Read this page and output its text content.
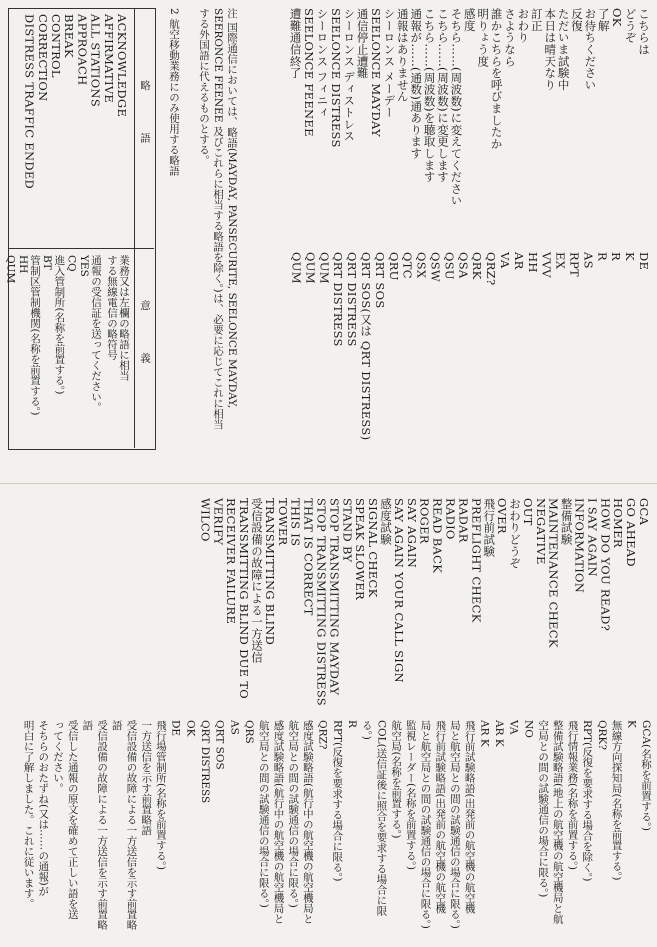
こちらは
どうぞ
OK
了解
お待ちください
反復
ただいま試験中
本日は晴天なり
訂正
おわり
さようなら
誰かこちらを呼びましたか
明りょう度
感度
そちら……(周波数)に変えてください
こちら……(周波数)に変更します
こちら……(周波数)を聴取します
通報が……(通数)通あります
通報はありません
シーロンス メーデー
SEELONCE MAYDAY
通信停止遭難
シーロンス ディストレス
SEELONCE DISTRESS
シーロンス フィニィ
SEELONCE FEENEE
遭難通信終了
DE
K
R
R
AS
RPT
EX
VVV
HH
AR
VA
QRZ?
QRK
QSA
QSU
QSW
QSX
QTC
QRU
QRT SOS
QRT SOS(又は QRT DISTRESS)
QRT DISTRESS
QRT DISTRESS
QUM
QUM
QUM
注 国際通信においては、略語(MAYDAY, PANSECURITE, SEELONCE MAYDAY,
SEERONCE FEENEE 及びこれらに相当する略語を除く。)は、必要に応じてこれに相当
する外国語に代えるものとする。
2 航空移動業務にのみ使用する略語
略　　　　語
意　　　　義
業務又は左欄の略語に相当
する無線電信の略符号
ACKNOWLEDGE
AFFIRMATIVE
ALL STATIONS
APPROACH
BREAK
CONTROL
CORRECTION
DISTRESS TRAFFIC ENDED
通報の受信証を送ってください。
YES
CQ
進入管制所(名称を前置する。)
BT
管制区管制機関(名称を前置する。)
HH
QUM
GCA
GO AHEAD
HOMER
HOW DO YOU READ?
I SAY AGAIN
INFORMATION
整備試験
MAINTENANCE CHECK
NEGATIVE
OUT
おわりどうぞ
OVER
飛行前試験
PREFLIGHT CHECK
RADAR
RADIO
READ BACK
ROGER
SAY AGAIN
SAY AGAIN YOUR CALL SIGN
感度試験
SIGNAL CHECK
SPEAK SLOWER
STAND BY
STOP TRANSMITTING MAYDAY
STOP TRANSMITTING DISTRESS
THAT IS CORRECT
THIS IS
TOWER
TRANSMITTING BLIND
受信設備の故障による一方送信
TRANSMITTING BLIND DUE TO
RECEIVER FAILURE
VERIFY
WILCO
GCA(名称を前置する。)
K
無線方向探知局(名称を前置する。)
QRK?
RPT(反復を要求する場合を除く。)
飛行情報業務(名称を前置する。)
整備試験略語(地上の航空機の航空機局と航
空局との間の試験通信の場合に限る。)
NO
VA
AR K
AR K
飛行前試験略語(出発前の航空機の航空機
局と航空局との間の試験通信の場合に限る。)
飛行前試験略語(出発前の航空機の航空機
局と航空局との間の試験通信の場合に限る。)
監視レーダー(名称を前置する。)
航空局(名称を前置する。)
COL(送信証後に照合を要求する場合に限
る。)
R
RPT(反復を要求する場合に限る。)
QRZ?
感度試験略語(航行中の航空機の航空機局と
航空局との間の試験通信の場合に限る。)
感度試験略語(航行中の航空機の航空機局と
航空局との間の試験通信の場合に限る。)
QRS
AS
QRT SOS
QRT DISTRESS
OK
DE
飛行場管制所(名称を前置する。)
一方送信を示す前置略語
受信設備の故障による一方送信を示す前置略
語
受信設備の故障による一方送信を示す前置略
語
受信した通報の原文を確めて正しい語を送
ってください。
そちらのおたずね(又は……の通報)が
明白に了解しました。これに従います。
